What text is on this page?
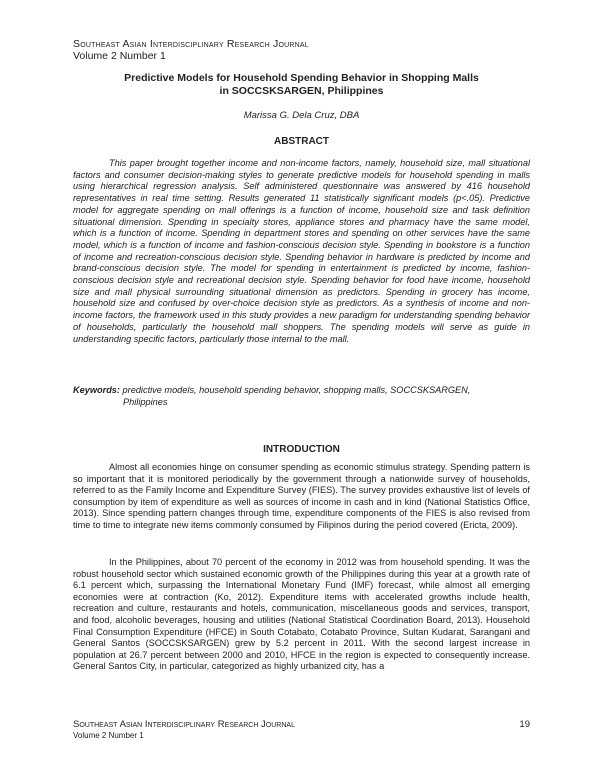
Southeast Asian Interdisciplinary Research Journal
Volume 2 Number 1
Predictive Models for Household Spending Behavior in Shopping Malls
in SOCCSKSARGEN, Philippines
Marissa G. Dela Cruz, DBA
ABSTRACT

This paper brought together income and non-income factors, namely, household size, mall situational factors and consumer decision-making styles to generate predictive models for household spending in malls using hierarchical regression analysis. Self administered questionnaire was answered by 416 household representatives in real time setting. Results generated 11 statistically significant models (p<.05). Predictive model for aggregate spending on mall offerings is a function of income, household size and task definition situational dimension. Spending in specialty stores, appliance stores and pharmacy have the same model, which is a function of income. Spending in department stores and spending on other services have the same model, which is a function of income and fashion-conscious decision style. Spending in bookstore is a function of income and recreation-conscious decision style. Spending behavior in hardware is predicted by income and brand-conscious decision style. The model for spending in entertainment is predicted by income, fashion-conscious decision style and recreational decision style. Spending behavior for food have income, household size and mall physical surrounding situational dimension as predictors. Spending in grocery has income, household size and confused by over-choice decision style as predictors. As a synthesis of income and non-income factors, the framework used in this study provides a new paradigm for understanding spending behavior of households, particularly the household mall shoppers. The spending models will serve as guide in understanding specific factors, particularly those internal to the mall.

Keywords: predictive models, household spending behavior, shopping malls, SOCCSKSARGEN,
Philippines
INTRODUCTION

Almost all economies hinge on consumer spending as economic stimulus strategy. Spending pattern is so important that it is monitored periodically by the government through a nationwide survey of households, referred to as the Family Income and Expenditure Survey (FIES). The survey provides exhaustive list of levels of consumption by item of expenditure as well as sources of income in cash and in kind (National Statistics Office, 2013). Since spending pattern changes through time, expenditure components of the FIES is also revised from time to time to integrate new items commonly consumed by Filipinos during the period covered (Ericta, 2009).

In the Philippines, about 70 percent of the economy in 2012 was from household spending. It was the robust household sector which sustained economic growth of the Philippines during this year at a growth rate of 6.1 percent which, surpassing the International Monetary Fund (IMF) forecast, while almost all emerging economies were at contraction (Ko, 2012). Expenditure items with accelerated growths include health, recreation and culture, restaurants and hotels, communication, miscellaneous goods and services, transport, and food, alcoholic beverages, housing and utilities (National Statistical Coordination Board, 2013). Household Final Consumption Expenditure (HFCE) in South Cotabato, Cotabato Province, Sultan Kudarat, Sarangani and General Santos (SOCCSKSARGEN) grew by 5.2 percent in 2011. With the second largest increase in population at 26.7 percent between 2000 and 2010, HFCE in the region is expected to consequently increase. General Santos City, in particular, categorized as highly urbanized city, has a

Southeast Asian Interdisciplinary Research Journal
Volume 2 Number 1
19
